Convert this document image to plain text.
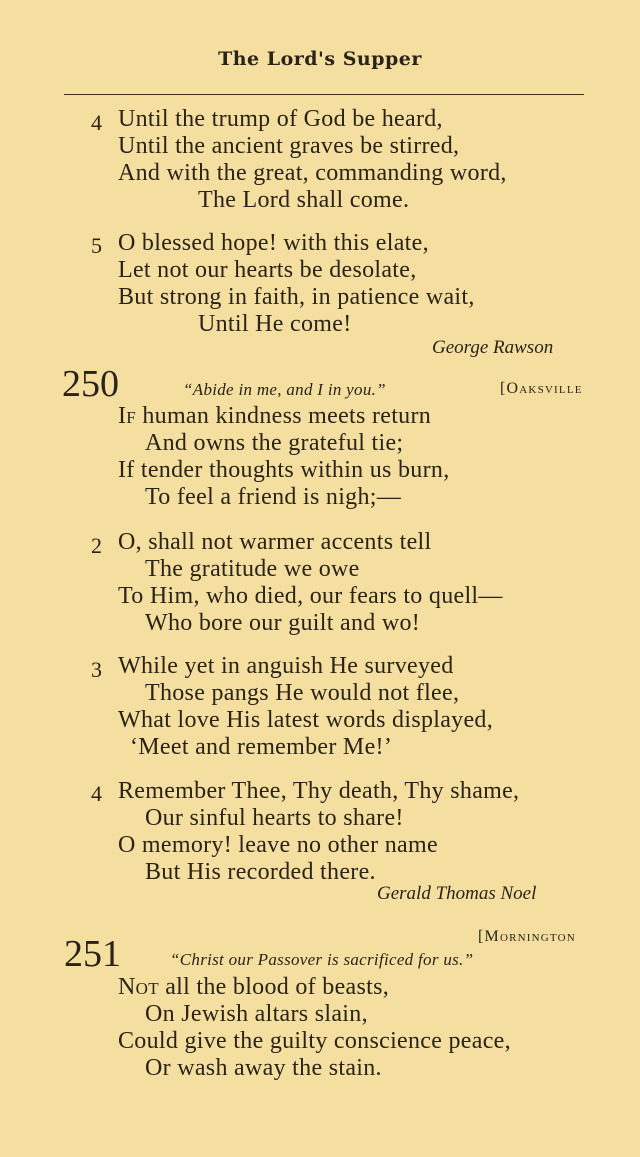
The Lord's Supper
4 Until the trump of God be heard,
Until the ancient graves be stirred,
And with the great, commanding word,
The Lord shall come.
5 O blessed hope! with this elate,
Let not our hearts be desolate,
But strong in faith, in patience wait,
Until He come!
George Rawson
250	“Abide in me, and I in you.”	[Oaksville
If human kindness meets return
And owns the grateful tie;
If tender thoughts within us burn,
To feel a friend is nigh;—
2 O, shall not warmer accents tell
The gratitude we owe
To Him, who died, our fears to quell—
Who bore our guilt and wo!
3 While yet in anguish He surveyed
Those pangs He would not flee,
What love His latest words displayed,
‘Meet and remember Me!’
4 Remember Thee, Thy death, Thy shame,
Our sinful hearts to share!
O memory! leave no other name
But His recorded there.
Gerald Thomas Noel
[Mornington
251	“Christ our Passover is sacrificed for us.”
Not all the blood of beasts,
On Jewish altars slain,
Could give the guilty conscience peace,
Or wash away the stain.
